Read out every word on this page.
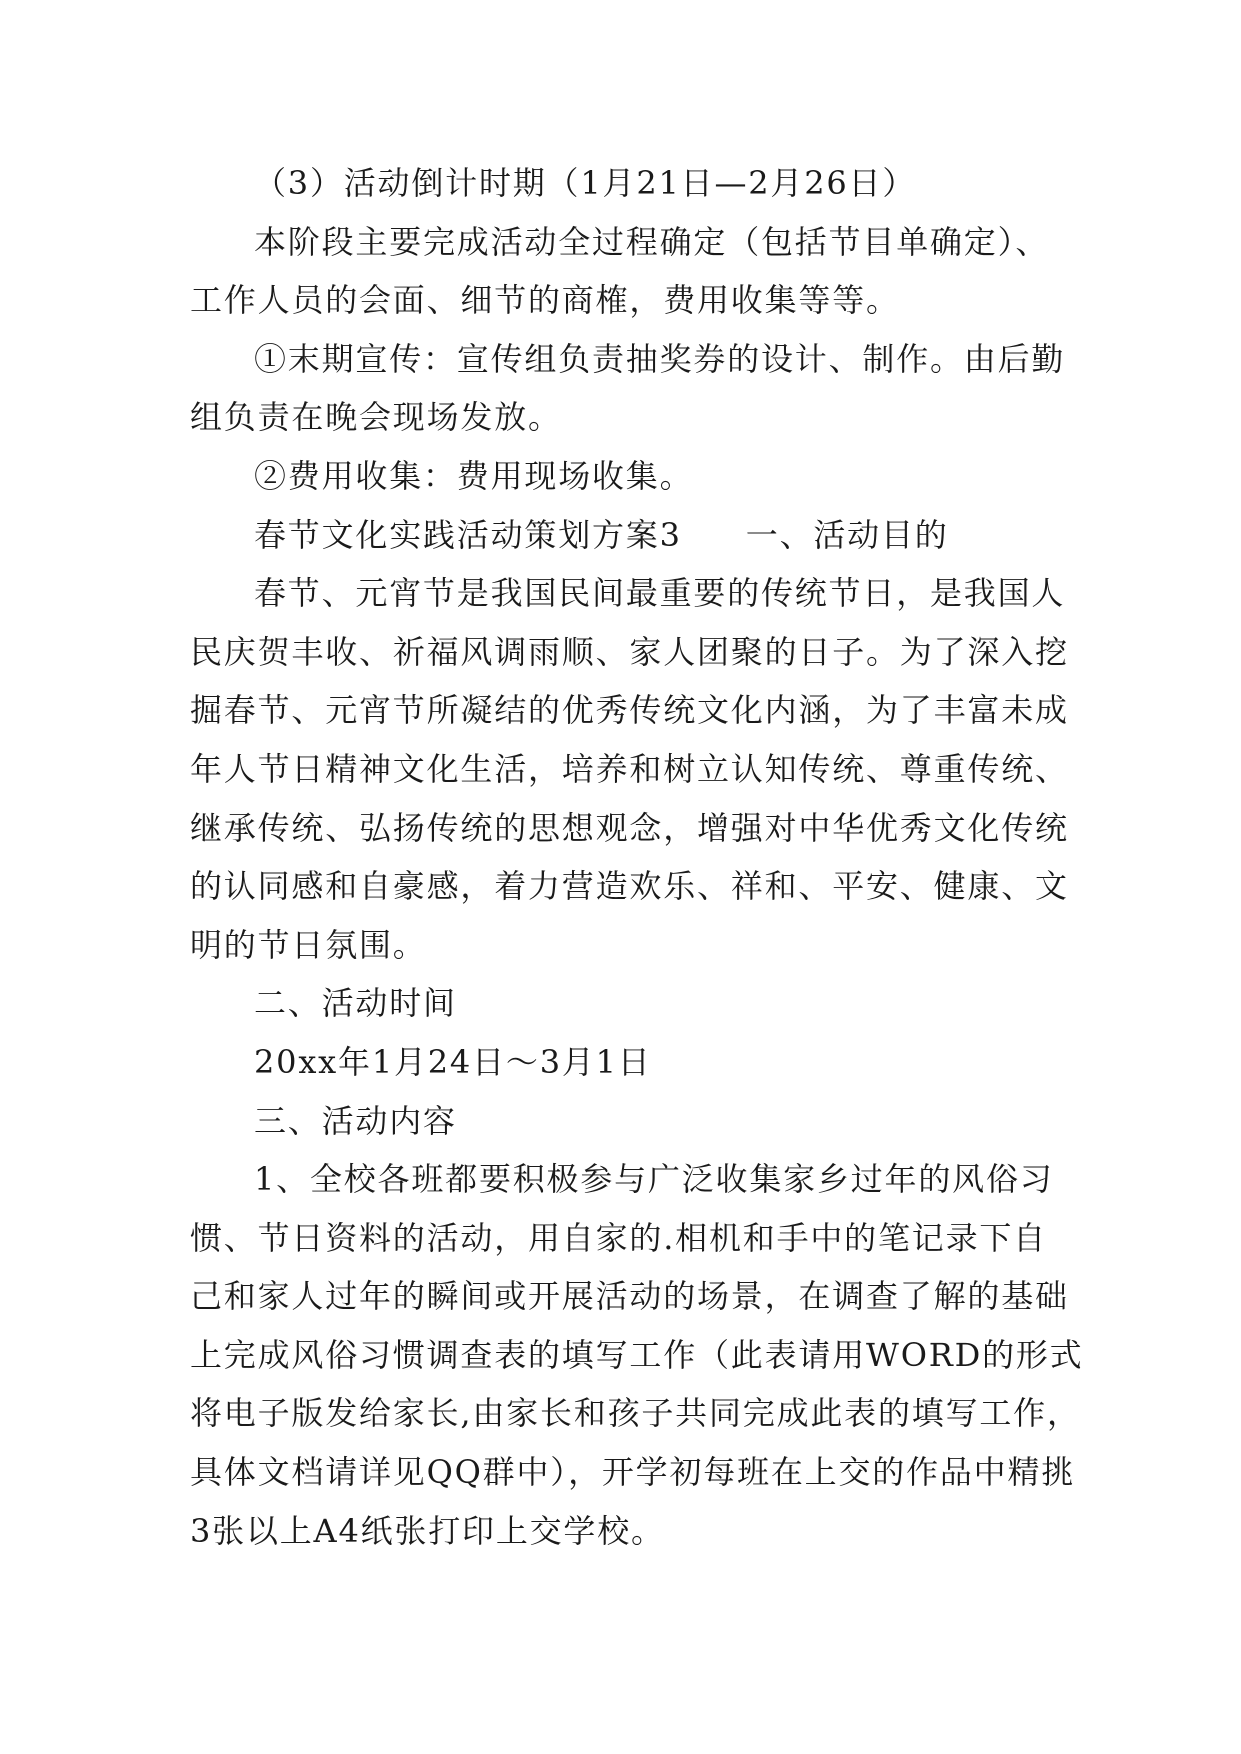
（3）活动倒计时期（1月21日—2月26日）

本阶段主要完成活动全过程确定（包括节目单确定）、

工作人员的会面、细节的商榷，费用收集等等。

①末期宣传：宣传组负责抽奖券的设计、制作。由后勤

组负责在晚会现场发放。

②费用收集：费用现场收集。

春节文化实践活动策划方案3 一、活动目的

春节、元宵节是我国民间最重要的传统节日，是我国人

民庆贺丰收、祈福风调雨顺、家人团聚的日子。为了深入挖

掘春节、元宵节所凝结的优秀传统文化内涵，为了丰富未成

年人节日精神文化生活，培养和树立认知传统、尊重传统、

继承传统、弘扬传统的思想观念，增强对中华优秀文化传统

的认同感和自豪感，着力营造欢乐、祥和、平安、健康、文

明的节日氛围。

二、活动时间

20xx年1月24日～3月1日

三、活动内容

1、全校各班都要积极参与广泛收集家乡过年的风俗习

惯、节日资料的活动，用自家的.相机和手中的笔记录下自

己和家人过年的瞬间或开展活动的场景，在调查了解的基础

上完成风俗习惯调查表的填写工作（此表请用WORD的形式

将电子版发给家长,由家长和孩子共同完成此表的填写工作，

具体文档请详见QQ群中），开学初每班在上交的作品中精挑

3张以上A4纸张打印上交学校。
